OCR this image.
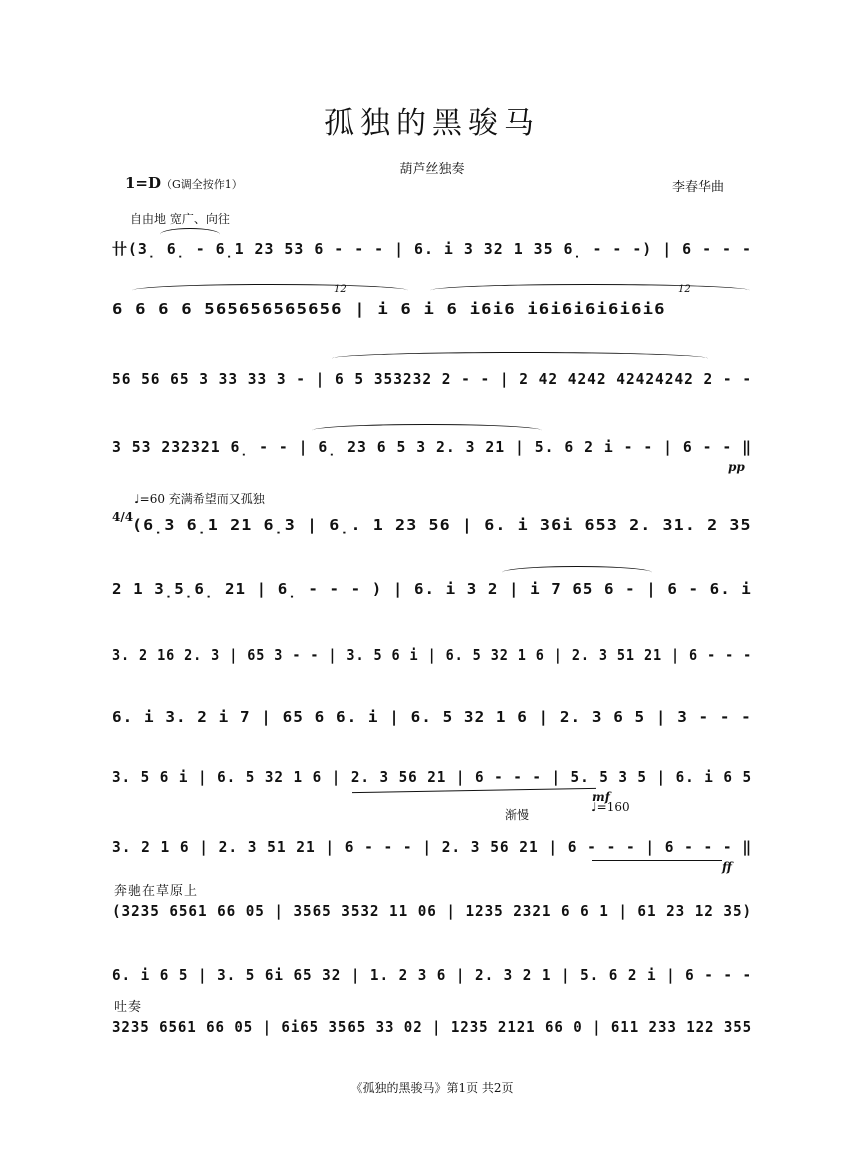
孤独的黑骏马
葫芦丝独奏
1=D（G调全按作1）	李春华曲
自由地 宽广、向往
卄(3̣ 6̣ - 6̣1 23 53 6 - - - | 6. i 3 32 1 35 6̣ - - -) | 6 - - -
12	12
6 6 6 6 565656565656 | i 6 i 6 i6i6 i6i6i6i6i6i6
56 56 65 3 33 33 3 - | 6 5 353232 2 - - | 2 42 4242 42424242 2 - -
pp
3 53 232321 6̣ - - | 6̣ 23 6 5 3 2. 3 21 | 5. 6 2 i - - | 6 - - ‖
♩=60 充满希望而又孤独
4/4
(6̣3 6̣1 21 6̣3 | 6̣. 1 23 56 | 6. i 36i 653 2. 31. 2 35
2 1 3̣5̣6̣ 21 | 6̣ - - - ) | 6. i 3 2 | i 7 65 6 - | 6 - 6. i
3. 2 16 2. 3 | 65 3 - - | 3. 5 6 i | 6. 5 32 1 6 | 2. 3 51 21 | 6 - - -
6. i 3. 2 i 7 | 65 6 6. i | 6. 5 32 1 6 | 2. 3 6 5 | 3 - - -
mf
3. 5 6 i | 6. 5 32 1 6 | 2. 3 56 21 | 6 - - - | 5. 5 3 5 | 6. i 6 5
渐慢
♩=160
ff
3. 2 1 6 | 2. 3 51 21 | 6 - - - | 2. 3 56 21 | 6 - - - | 6 - - - ‖
奔驰在草原上
(3235 6561 66 05 | 3565 3532 11 06 | 1235 2321 6 6 1 | 61 23 12 35)
6. i 6 5 | 3. 5 6i 65 32 | 1. 2 3 6 | 2. 3 2 1 | 5. 6 2 i | 6 - - -
吐奏
3235 6561 66 05 | 6i65 3565 33 02 | 1235 2121 66 0 | 611 233 122 355
《孤独的黑骏马》第1页 共2页
